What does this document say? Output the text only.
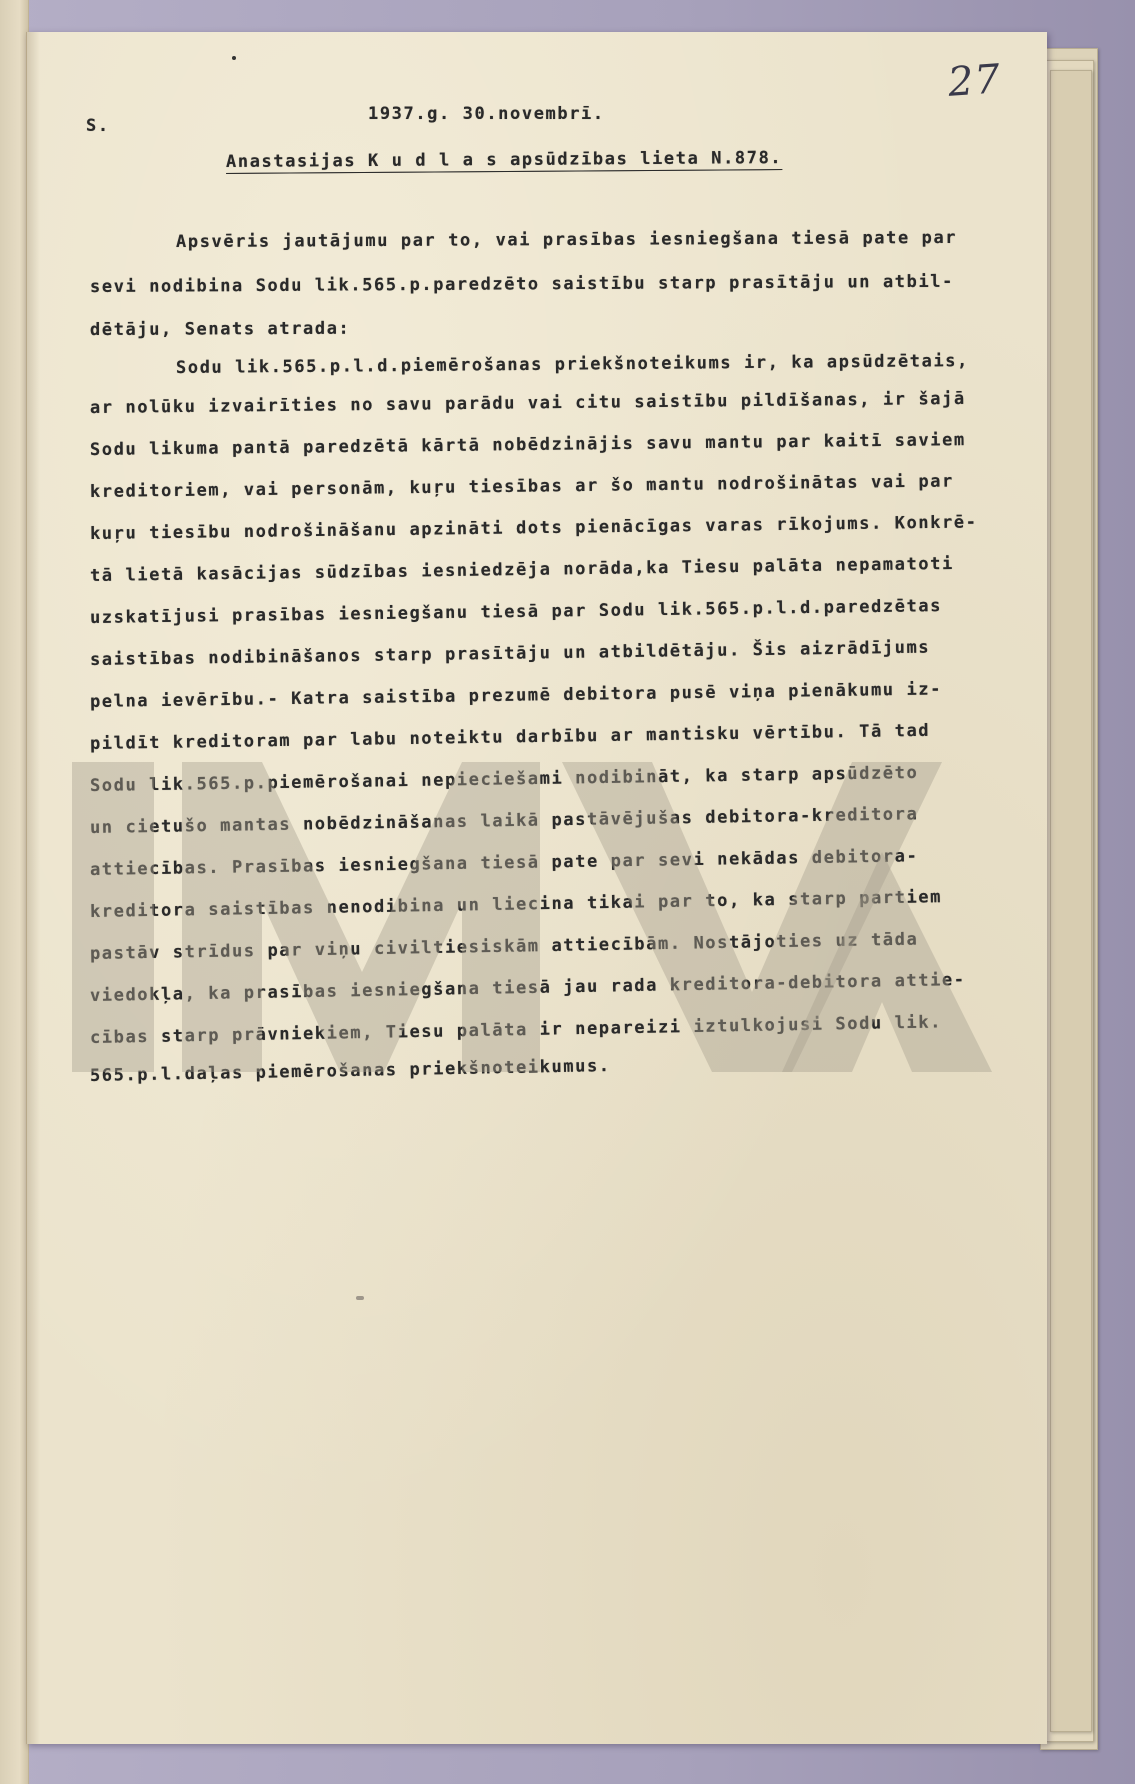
27
S.
1937.g. 30.novembrī.
Anastasijas K u d l a s apsūdzības lieta N.878.
Apsvēris jautājumu par to, vai prasības iesniegšana tiesā pate par
sevi nodibina Sodu lik.565.p.paredzēto saistību starp prasītāju un atbil-
dētāju, Senats atrada:
Sodu lik.565.p.l.d.piemērošanas priekšnoteikums ir, ka apsūdzētais,
ar nolūku izvairīties no savu parādu vai citu saistību pildīšanas, ir šajā
Sodu likuma pantā paredzētā kārtā nobēdzinājis savu mantu par kaitī saviem
kreditoriem, vai personām, kuŗu tiesības ar šo mantu nodrošinātas vai par
kuŗu tiesību nodrošināšanu apzināti dots pienācīgas varas rīkojums. Konkrē-
tā lietā kasācijas sūdzības iesniedzēja norāda,ka Tiesu palāta nepamatoti
uzskatījusi prasības iesniegšanu tiesā par Sodu lik.565.p.l.d.paredzētas
saistības nodibināšanos starp prasītāju un atbildētāju. Šis aizrādījums
pelna ievērību.- Katra saistība prezumē debitora pusē viņa pienākumu iz-
pildīt kreditoram par labu noteiktu darbību ar mantisku vērtību. Tā tad
Sodu lik.565.p.piemērošanai nepieciešami nodibināt, ka starp apsūdzēto
un cietušo mantas nobēdzināšanas laikā pastāvējušas debitora-kreditora
attiecības. Prasības iesniegšana tiesā pate par sevi nekādas debitora-
kreditora saistības nenodibina un liecina tikai par to, ka starp partiem
pastāv strīdus par viņu civiltiesiskām attiecībām. Nostājoties uz tāda
viedokļa, ka prasības iesniegšana tiesā jau rada kreditora-debitora attie-
cības starp prāvniekiem, Tiesu palāta ir nepareizi iztulkojusi Sodu lik.
565.p.l.daļas piemērošanas priekšnoteikumus.
